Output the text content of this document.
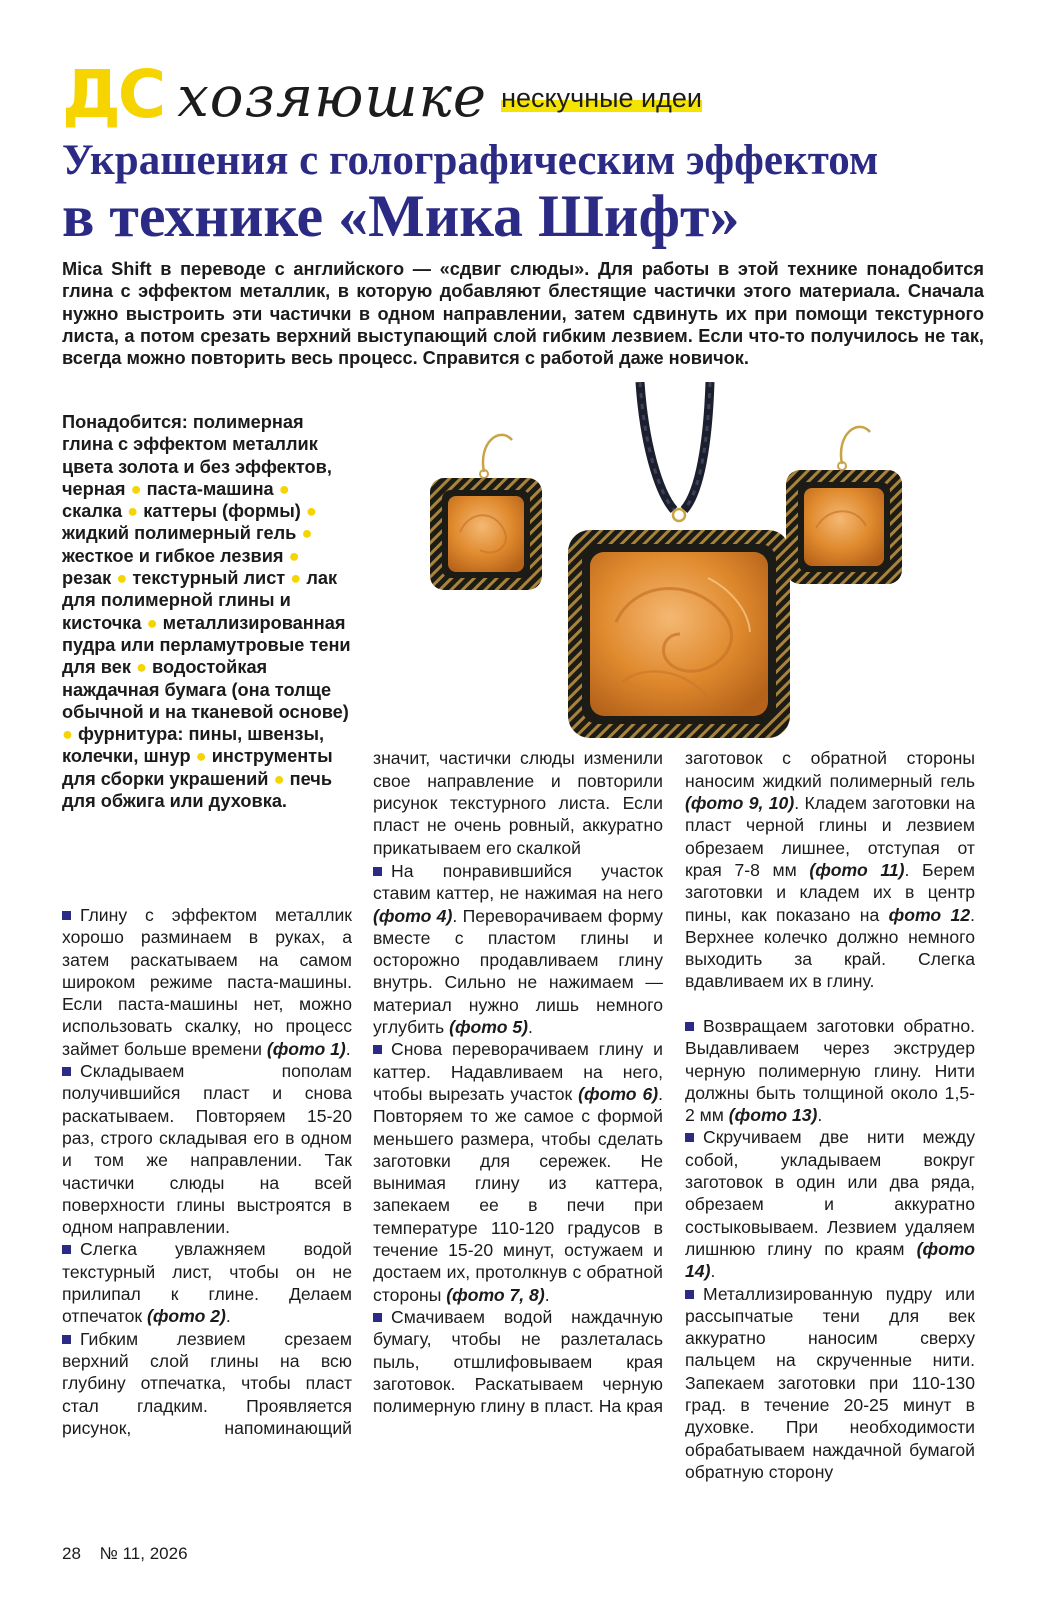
ДС хозяюшке нескучные идеи
Украшения с голографическим эффектом
в технике «Мика Шифт»
Mica Shift в переводе с английского — «сдвиг слюды». Для работы в этой технике понадобится глина с эффектом металлик, в которую добавляют блестящие частички этого материала. Сначала нужно выстроить эти частички в одном направлении, затем сдвинуть их при помощи текстурного листа, а потом срезать верхний выступающий слой гибким лезвием. Если что-то получилось не так, всегда можно повторить весь процесс. Справится с работой даже новичок.
Понадобится: полимерная глина с эффектом металлик цвета золота и без эффектов, черная ● паста-машина ● скалка ● каттеры (формы) ● жидкий полимерный гель ● жесткое и гибкое лезвия ● резак ● текстурный лист ● лак для полимерной глины и кисточка ● металлизированная пудра или перламутровые тени для век ● водостойкая наждачная бумага (она толще обычной и на тканевой основе) ● фурнитура: пины, швензы, колечки, шнур ● инструменты для сборки украшений ● печь для обжига или духовка.

Глину с эффектом металлик хорошо разминаем в руках, а затем раскатываем на самом широком режиме паста-машины. Если паста-машины нет, можно использовать скалку, но процесс займет больше времени (фото 1).

Складываем пополам получившийся пласт и снова раскатываем. Повторяем 15-20 раз, строго складывая его в одном и том же направлении. Так частички слюды на всей поверхности глины выстроятся в одном направлении.

Слегка увлажняем водой текстурный лист, чтобы он не прилипал к глине. Делаем отпечаток (фото 2).

Гибким лезвием срезаем верхний слой глины на всю глубину отпечатка, чтобы пласт стал гладким. Проявляется рисунок, напоминающий

значит, частички слюды изменили свое направление и повторили рисунок текстурного листа. Если пласт не очень ровный, аккуратно прикатываем его скалкой

На понравившийся участок ставим каттер, не нажимая на него (фото 4). Переворачиваем форму вместе с пластом глины и осторожно продавливаем глину внутрь. Сильно не нажимаем — материал нужно лишь немного углубить (фото 5).

Снова переворачиваем глину и каттер. Надавливаем на него, чтобы вырезать участок (фото 6). Повторяем то же самое с формой меньшего размера, чтобы сделать заготовки для сережек. Не вынимая глину из каттера, запекаем ее в печи при температуре 110-120 градусов в течение 15-20 минут, остужаем и достаем их, протолкнув с обратной стороны (фото 7, 8).

Смачиваем водой наждачную бумагу, чтобы не разлеталась пыль, отшлифовываем края заготовок. Раскатываем черную полимерную глину в пласт. На края

заготовок с обратной стороны наносим жидкий полимерный гель (фото 9, 10). Кладем заготовки на пласт черной глины и лезвием обрезаем лишнее, отступая от края 7-8 мм (фото 11). Берем заготовки и кладем их в центр пины, как показано на фото 12. Верхнее колечко должно немного выходить за край. Слегка вдавливаем их в глину.

Возвращаем заготовки обратно. Выдавливаем через экструдер черную полимерную глину. Нити должны быть толщиной около 1,5-2 мм (фото 13).

Скручиваем две нити между собой, укладываем вокруг заготовок в один или два ряда, обрезаем и аккуратно состыковываем. Лезвием удаляем лишнюю глину по краям (фото 14).

Металлизированную пудру или рассыпчатые тени для век аккуратно наносим сверху пальцем на скрученные нити. Запекаем заготовки при 110-130 град. в течение 20-25 минут в духовке. При необходимости обрабатываем наждачной бумагой обратную сторону

28 № 11, 2026
